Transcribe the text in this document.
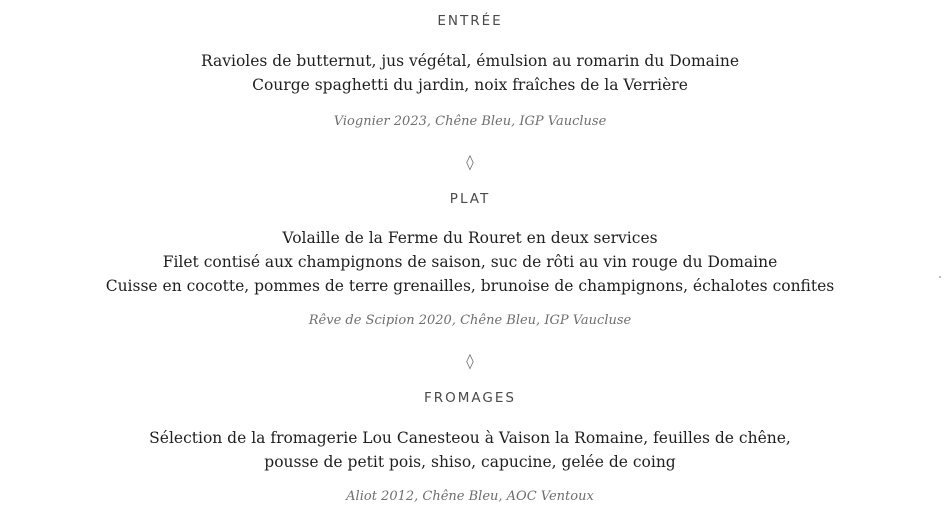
ENTRÉE
Ravioles de butternut, jus végétal, émulsion au romarin du Domaine
Courge spaghetti du jardin, noix fraîches de la Verrière
Viognier 2023, Chêne Bleu, IGP Vaucluse
◊
PLAT
Volaille de la Ferme du Rouret en deux services
Filet contisé aux champignons de saison, suc de rôti au vin rouge du Domaine
Cuisse en cocotte, pommes de terre grenailles, brunoise de champignons, échalotes confites
Rêve de Scipion 2020, Chêne Bleu, IGP Vaucluse
◊
FROMAGES
Sélection de la fromagerie Lou Canesteou à Vaison la Romaine, feuilles de chêne,
pousse de petit pois, shiso, capucine, gelée de coing
Aliot 2012, Chêne Bleu, AOC Ventoux
